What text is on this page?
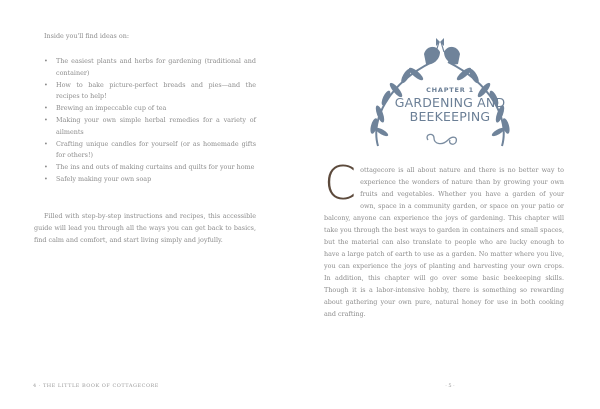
Inside you'll find ideas on:
• The easiest plants and herbs for gardening (traditional and container)
• How to bake picture-perfect breads and pies—and the recipes to help!
• Brewing an impeccable cup of tea
• Making your own simple herbal remedies for a variety of ailments
• Crafting unique candles for yourself (or as homemade gifts for others!)
• The ins and outs of making curtains and quilts for your home
• Safely making your own soap

Filled with step-by-step instructions and recipes, this accessible guide will lead you through all the ways you can get back to basics, find calm and comfort, and start living simply and joyfully.

4 · THE LITTLE BOOK OF COTTAGECORE
CHAPTER 1
GARDENING AND
BEEKEEPING

Cottagecore is all about nature and there is no better way to experience the wonders of nature than by growing your own fruits and vegetables. Whether you have a garden of your own, space in a community garden, or space on your patio or balcony, anyone can experience the joys of gardening. This chapter will take you through the best ways to garden in containers and small spaces, but the material can also translate to people who are lucky enough to have a large patch of earth to use as a garden. No matter where you live, you can experience the joys of planting and harvesting your own crops. In addition, this chapter will go over some basic beekeeping skills. Though it is a labor-intensive hobby, there is something so rewarding about gathering your own pure, natural honey for use in both cooking and crafting.

· 5 ·
